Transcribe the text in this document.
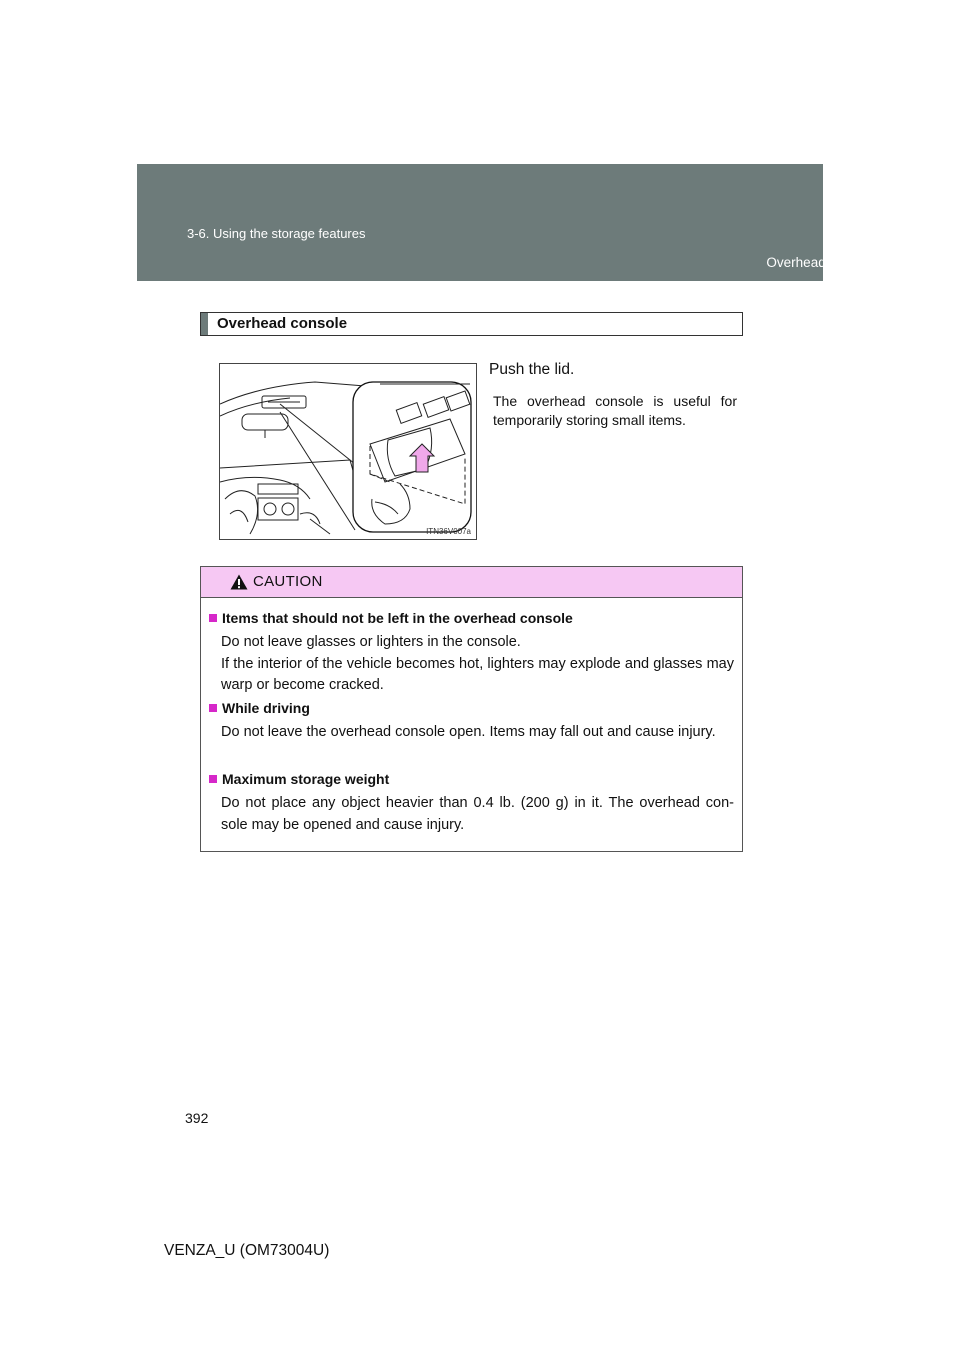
3-6. Using the storage features
Overhead console
Overhead console
ITN36V007a
Push the lid.
The overhead console is useful for temporarily storing small items.
CAUTION
Items that should not be left in the overhead console
Do not leave glasses or lighters in the console.
If the interior of the vehicle becomes hot, lighters may explode and glasses may warp or become cracked.
While driving
Do not leave the overhead console open. Items may fall out and cause injury.
Maximum storage weight
Do not place any object heavier than 0.4 lb. (200 g) in it. The overhead con- sole may be opened and cause injury.
392
VENZA_U (OM73004U)
